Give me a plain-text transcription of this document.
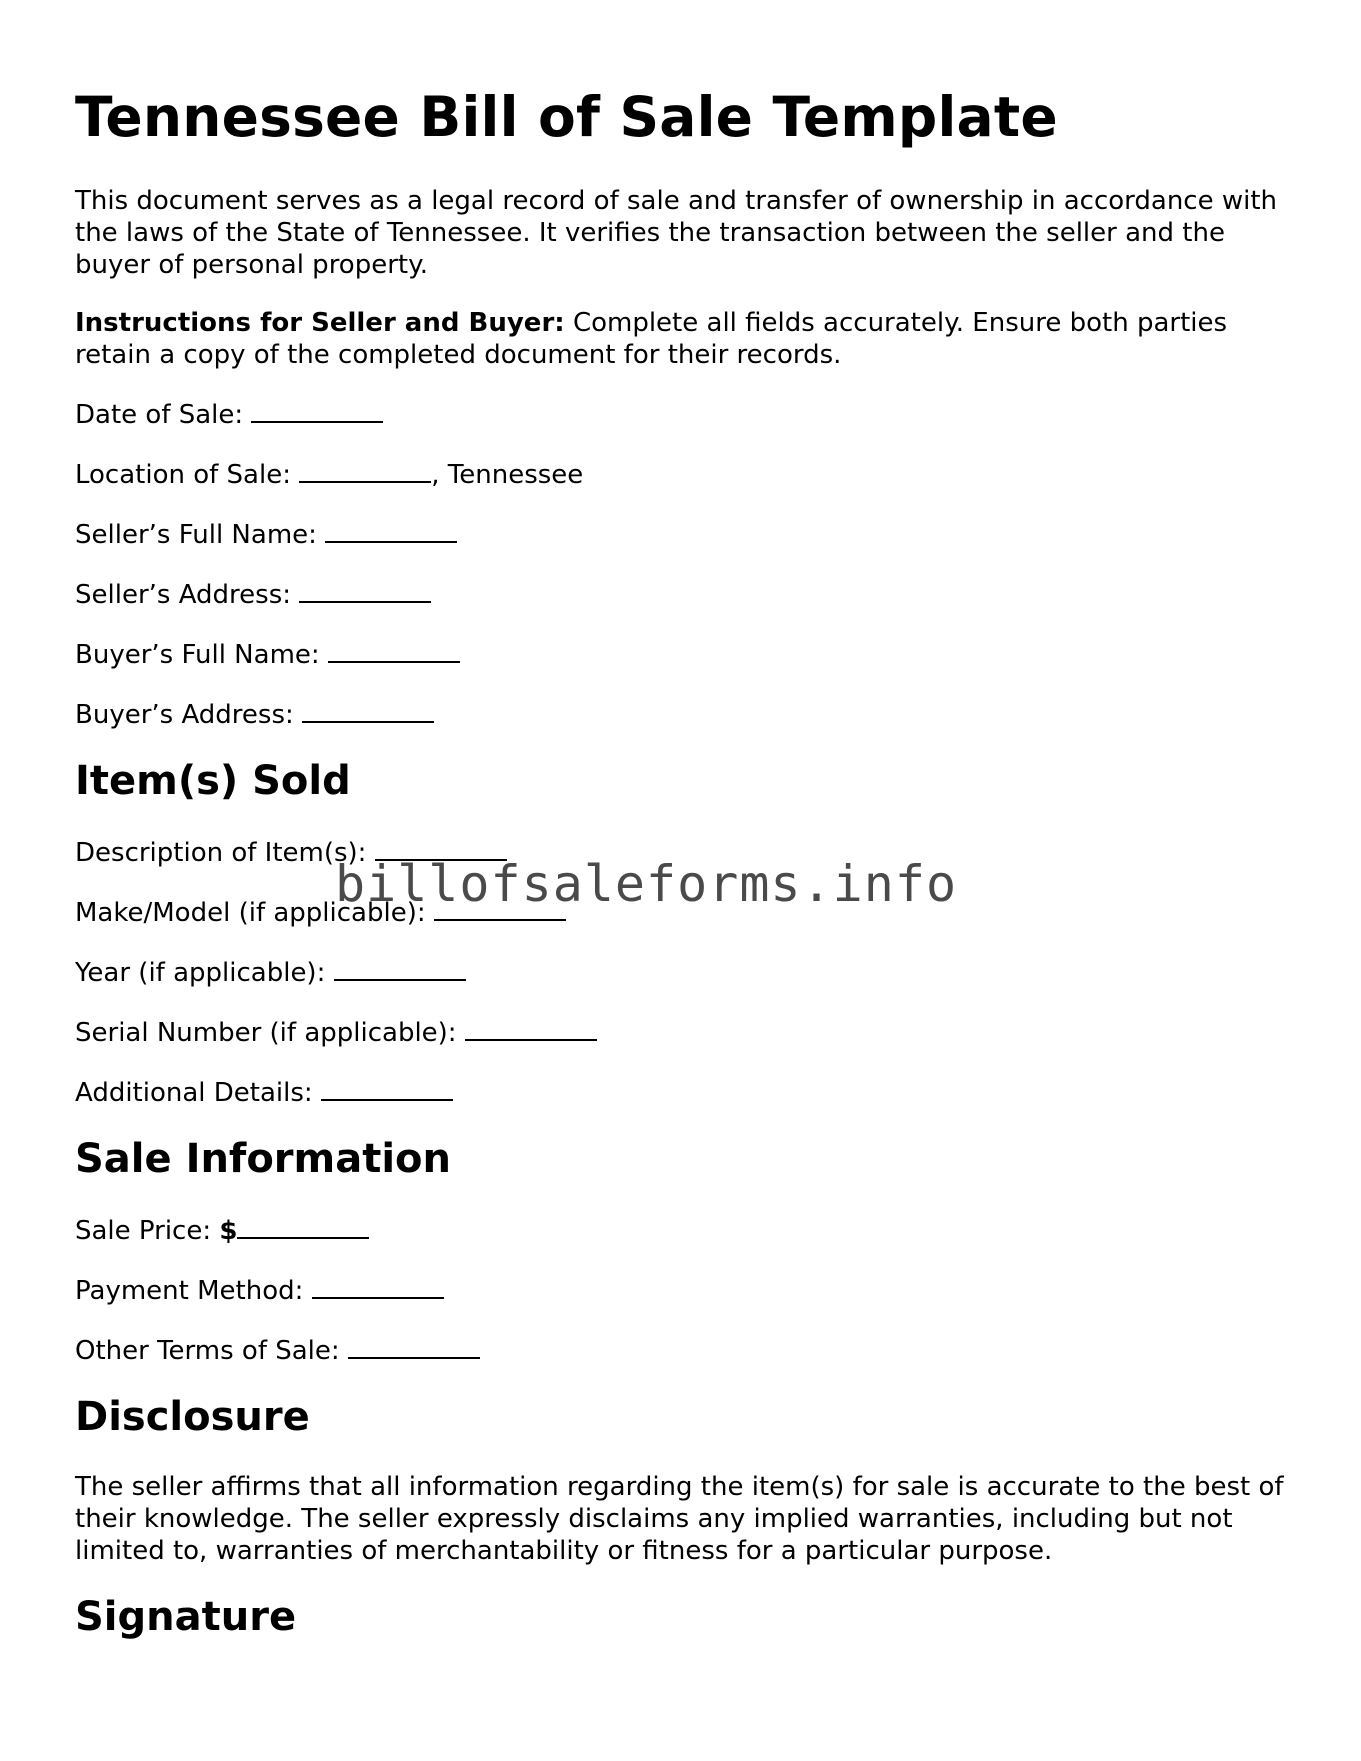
Tennessee Bill of Sale Template

This document serves as a legal record of sale and transfer of ownership in accordance with the laws of the State of Tennessee. It verifies the transaction between the seller and the buyer of personal property.

Instructions for Seller and Buyer: Complete all fields accurately. Ensure both parties retain a copy of the completed document for their records.

Date of Sale:
Location of Sale:	, Tennessee
Seller’s Full Name:
Seller’s Address:
Buyer’s Full Name:
Buyer’s Address:
Item(s) Sold
Description of Item(s):
Make/Model (if applicable):
Year (if applicable):
Serial Number (if applicable):
Additional Details:
Sale Information
Sale Price: $
Payment Method:
Other Terms of Sale:
Disclosure

The seller affirms that all information regarding the item(s) for sale is accurate to the best of their knowledge. The seller expressly disclaims any implied warranties, including but not limited to, warranties of merchantability or fitness for a particular purpose.

Signature
billofsaleforms.info
